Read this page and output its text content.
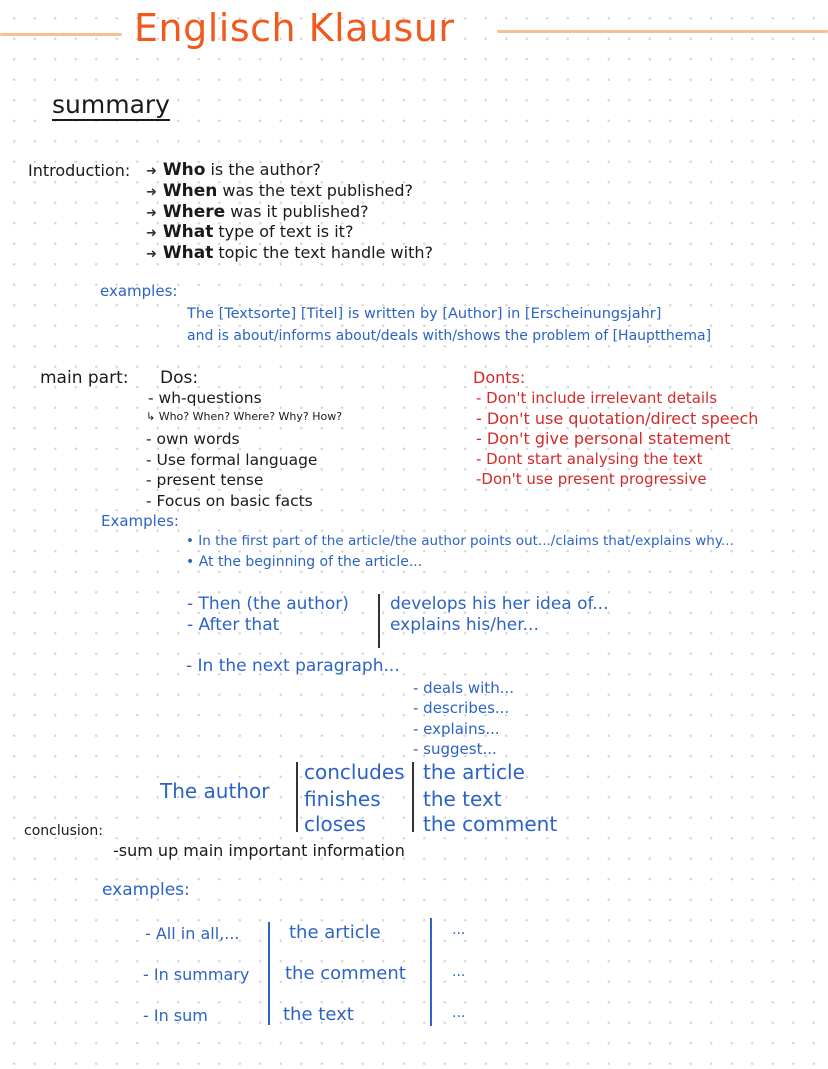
Englisch Klausur
summary
Introduction: ➜ Who is the author?
➜ When was the text published?
➜ Where was it published?
➜ What type of text is it?
➜ What topic the text handle with?
examples:
The [Textsorte] [Titel] is written by [Author] in [Erscheinungsjahr]
and is about/informs about/deals with/shows the problem of [Hauptthema]
main part: Dos:
- wh-questions
↳ Who? When? Where? Why? How?
- own words
- Use formal language
- present tense
- Focus on basic facts
Donts:
- Don't include irrelevant details
- Don't use quotation/direct speech
- Don't give personal statement
- Dont start analysing the text
-Don't use present progressive
Examples:
• In the first part of the article/the author points out.../claims that/explains why...
• At the beginning of the article...
- Then (the author)
- After that
develops his her idea of...
explains his/her...
- In the next paragraph...
- deals with...
- describes...
- explains...
- suggest...
The author
concludes
finishes
closes
the article
the text
the comment
conclusion:
-sum up main important information
examples:
- All in all,...
- In summary
- In sum
the article
the comment
the text
...
...
...
